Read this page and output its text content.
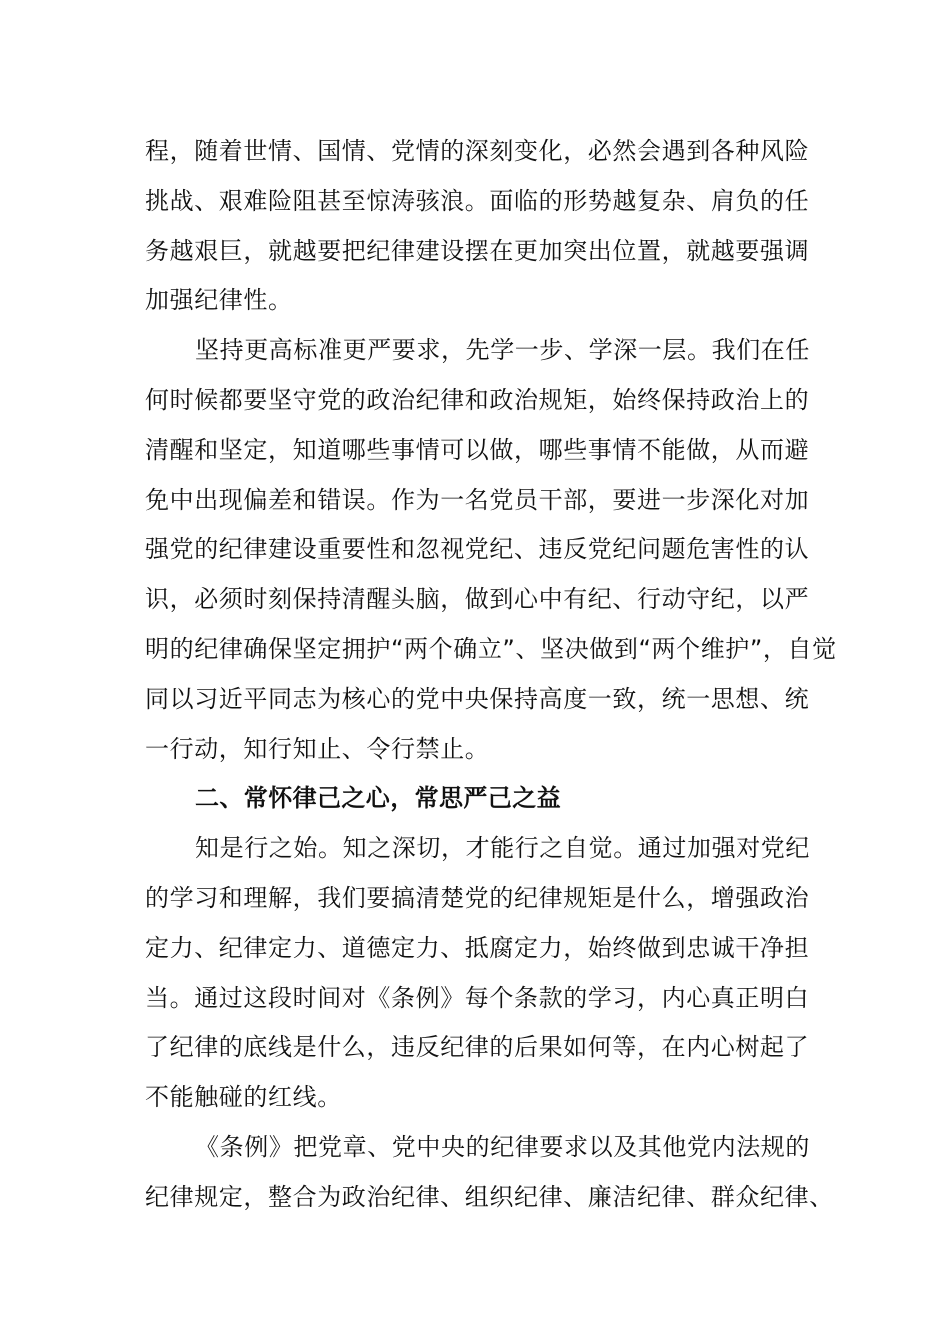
程，随着世情、国情、党情的深刻变化，必然会遇到各种风险
挑战、艰难险阻甚至惊涛骇浪。面临的形势越复杂、肩负的任
务越艰巨，就越要把纪律建设摆在更加突出位置，就越要强调
加强纪律性。
坚持更高标准更严要求，先学一步、学深一层。我们在任
何时候都要坚守党的政治纪律和政治规矩，始终保持政治上的
清醒和坚定，知道哪些事情可以做，哪些事情不能做，从而避
免中出现偏差和错误。作为一名党员干部，要进一步深化对加
强党的纪律建设重要性和忽视党纪、违反党纪问题危害性的认
识，必须时刻保持清醒头脑，做到心中有纪、行动守纪，以严
明的纪律确保坚定拥护“两个确立”、坚决做到“两个维护”，自觉
同以习近平同志为核心的党中央保持高度一致，统一思想、统
一行动，知行知止、令行禁止。
二、常怀律己之心，常思严己之益
知是行之始。知之深切，才能行之自觉。通过加强对党纪
的学习和理解，我们要搞清楚党的纪律规矩是什么，增强政治
定力、纪律定力、道德定力、抵腐定力，始终做到忠诚干净担
当。通过这段时间对《条例》每个条款的学习，内心真正明白
了纪律的底线是什么，违反纪律的后果如何等，在内心树起了
不能触碰的红线。
《条例》把党章、党中央的纪律要求以及其他党内法规的
纪律规定，整合为政治纪律、组织纪律、廉洁纪律、群众纪律、
